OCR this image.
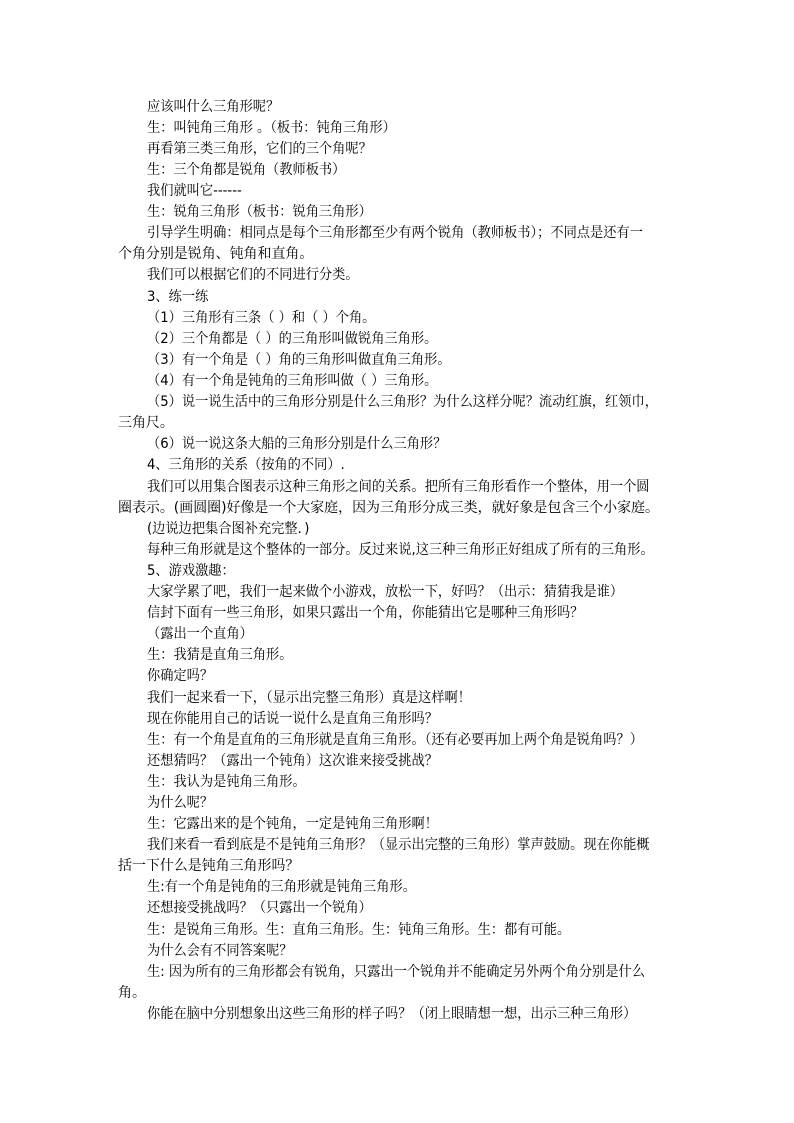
应该叫什么三角形呢？
生：叫钝角三角形 。（板书：钝角三角形）
再看第三类三角形，它们的三个角呢？
生：三个角都是锐角（教师板书）
我们就叫它------
生：锐角三角形（板书：锐角三角形）
引导学生明确：相同点是每个三角形都至少有两个锐角（教师板书）；不同点是还有一
个角分别是锐角、钝角和直角。
我们可以根据它们的不同进行分类。
3、练一练
（1）三角形有三条（ ）和（ ）个角。
（2）三个角都是（ ）的三角形叫做锐角三角形。
（3）有一个角是（ ）角的三角形叫做直角三角形。
（4）有一个角是钝角的三角形叫做（ ）三角形。
（5）说一说生活中的三角形分别是什么三角形？为什么这样分呢？流动红旗，红领巾，
三角尺。
（6）说一说这条大船的三角形分别是什么三角形？
4、三角形的关系（按角的不同）.
我们可以用集合图表示这种三角形之间的关系。把所有三角形看作一个整体，用一个圆
圈表示。(画圆圈)好像是一个大家庭，因为三角形分成三类，就好象是包含三个小家庭。
(边说边把集合图补充完整．)
每种三角形就是这个整体的一部分。反过来说,这三种三角形正好组成了所有的三角形。
5、游戏激趣：
大家学累了吧，我们一起来做个小游戏，放松一下，好吗？（出示：猜猜我是谁）
信封下面有一些三角形，如果只露出一个角，你能猜出它是哪种三角形吗？
（露出一个直角）
生：我猜是直角三角形。
你确定吗？
我们一起来看一下，（显示出完整三角形）真是这样啊！
现在你能用自己的话说一说什么是直角三角形吗？
生：有一个角是直角的三角形就是直角三角形。（还有必要再加上两个角是锐角吗？）
还想猜吗？（露出一个钝角）这次谁来接受挑战？
生：我认为是钝角三角形。
为什么呢？
生：它露出来的是个钝角，一定是钝角三角形啊！
我们来看一看到底是不是钝角三角形？（显示出完整的三角形）掌声鼓励。现在你能概
括一下什么是钝角三角形吗？
生:有一个角是钝角的三角形就是钝角三角形。
还想接受挑战吗？（只露出一个锐角）
生：是锐角三角形。生：直角三角形。生：钝角三角形。生：都有可能。
为什么会有不同答案呢？
生: 因为所有的三角形都会有锐角，只露出一个锐角并不能确定另外两个角分别是什么
角。
你能在脑中分别想象出这些三角形的样子吗？（闭上眼睛想一想，出示三种三角形）
